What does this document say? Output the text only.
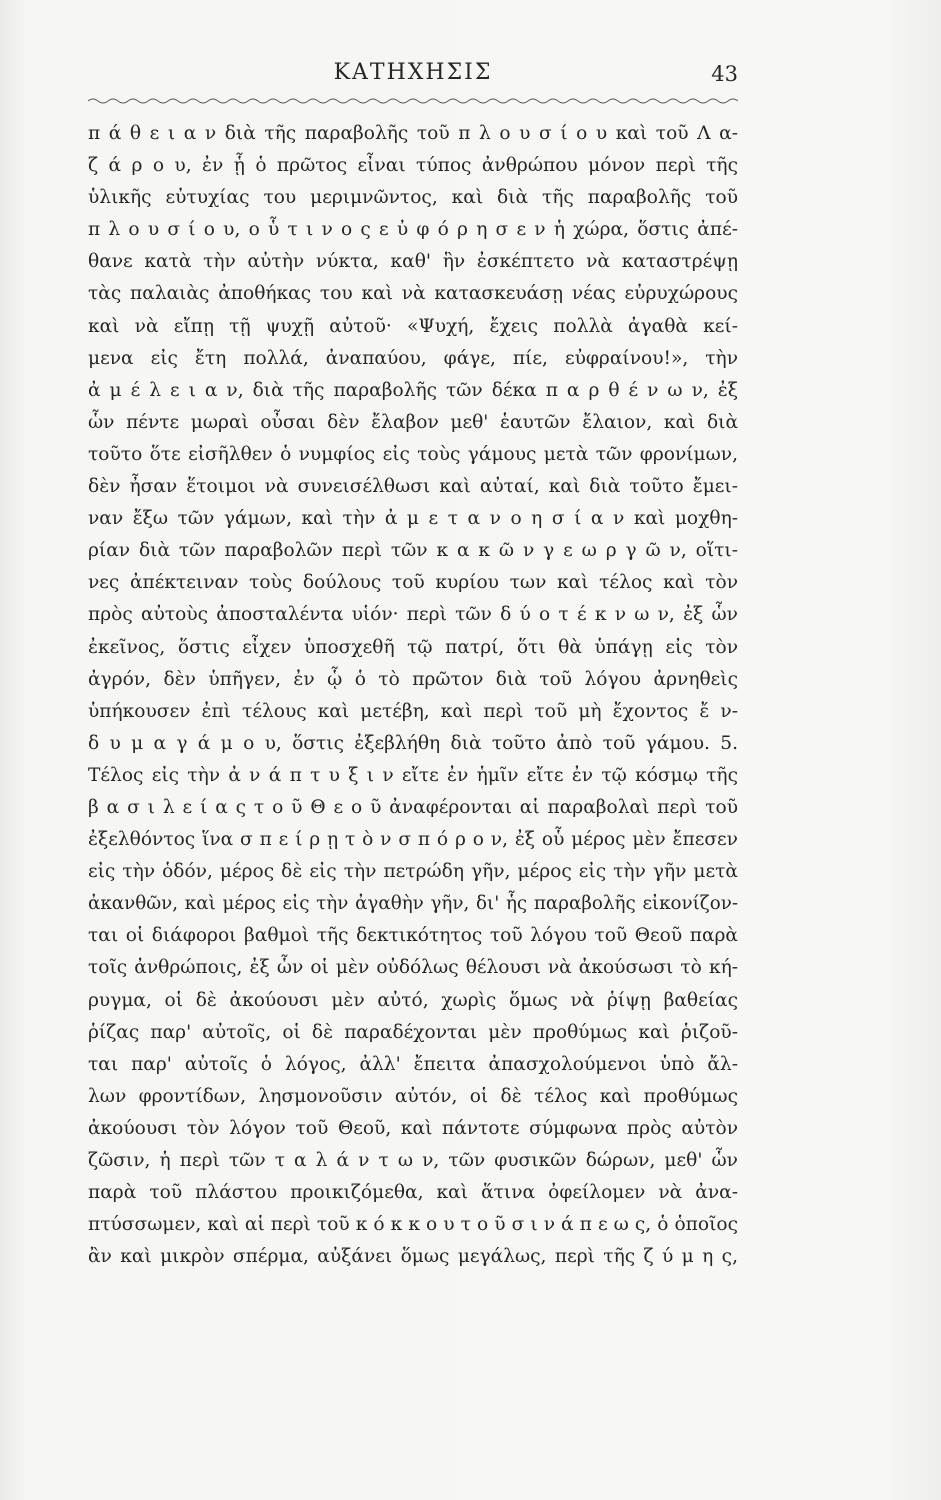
ΚΑΤΗΧΗΣΙΣ	43
π ά θ ε ι α ν διὰ τῆς παραβολῆς τοῦ π λ ο υ σ ί ο υ καὶ τοῦ Λ α-
ζ ά ρ ο υ, ἐν ᾗ ὁ πρῶτος εἶναι τύπος ἀνθρώπου μόνον περὶ τῆς
ὑλικῆς εὐτυχίας του μεριμνῶντος, καὶ διὰ τῆς παραβολῆς τοῦ
π λ ο υ σ ί ο υ, ο ὗ τ ι ν ο ς ε ὐ φ ό ρ η σ ε ν ἡ χώρα, ὅστις ἀπέ-
θανε κατὰ τὴν αὐτὴν νύκτα, καθ' ἣν ἐσκέπτετο νὰ καταστρέψῃ
τὰς παλαιὰς ἀποθήκας του καὶ νὰ κατασκευάσῃ νέας εὐρυχώρους
καὶ νὰ εἴπῃ τῇ ψυχῇ αὐτοῦ· «Ψυχή, ἔχεις πολλὰ ἀγαθὰ κεί-
μενα εἰς ἔτη πολλά, ἀναπαύου, φάγε, πίε, εὐφραίνου!», τὴν
ἀ μ έ λ ε ι α ν, διὰ τῆς παραβολῆς τῶν δέκα π α ρ θ έ ν ω ν, ἐξ
ὧν πέντε μωραὶ οὖσαι δὲν ἔλαβον μεθ' ἑαυτῶν ἔλαιον, καὶ διὰ
τοῦτο ὅτε εἰσῆλθεν ὁ νυμφίος εἰς τοὺς γάμους μετὰ τῶν φρονίμων,
δὲν ἦσαν ἕτοιμοι νὰ συνεισέλθωσι καὶ αὐταί, καὶ διὰ τοῦτο ἔμει-
ναν ἔξω τῶν γάμων, καὶ τὴν ἀ μ ε τ α ν ο η σ ί α ν καὶ μοχθη-
ρίαν διὰ τῶν παραβολῶν περὶ τῶν κ α κ ῶ ν γ ε ω ρ γ ῶ ν, οἵτι-
νες ἀπέκτειναν τοὺς δούλους τοῦ κυρίου των καὶ τέλος καὶ τὸν
πρὸς αὐτοὺς ἀποσταλέντα υἱόν· περὶ τῶν δ ύ ο τ έ κ ν ω ν, ἐξ ὧν
ἐκεῖνος, ὅστις εἶχεν ὑποσχεθῆ τῷ πατρί, ὅτι θὰ ὑπάγῃ εἰς τὸν
ἀγρόν, δὲν ὑπῆγεν, ἐν ᾧ ὁ τὸ πρῶτον διὰ τοῦ λόγου ἀρνηθεὶς
ὑπήκουσεν ἐπὶ τέλους καὶ μετέβη, καὶ περὶ τοῦ μὴ ἔχοντος ἔ ν-
δ υ μ α γ ά μ ο υ, ὅστις ἐξεβλήθη διὰ τοῦτο ἀπὸ τοῦ γάμου. 5.
Τέλος εἰς τὴν ἀ ν ά π τ υ ξ ι ν εἴτε ἐν ἡμῖν εἴτε ἐν τῷ κόσμῳ τῆς
β α σ ι λ ε ί α ς τ ο ῦ Θ ε ο ῦ ἀναφέρονται αἱ παραβολαὶ περὶ τοῦ
ἐξελθόντος ἵνα σ π ε ί ρ ῃ τ ὸ ν σ π ό ρ ο ν, ἐξ οὗ μέρος μὲν ἔπεσεν
εἰς τὴν ὁδόν, μέρος δὲ εἰς τὴν πετρώδη γῆν, μέρος εἰς τὴν γῆν μετὰ
ἀκανθῶν, καὶ μέρος εἰς τὴν ἀγαθὴν γῆν, δι' ἧς παραβολῆς εἰκονίζον-
ται οἱ διάφοροι βαθμοὶ τῆς δεκτικότητος τοῦ λόγου τοῦ Θεοῦ παρὰ
τοῖς ἀνθρώποις, ἐξ ὧν οἱ μὲν οὐδόλως θέλουσι νὰ ἀκούσωσι τὸ κή-
ρυγμα, οἱ δὲ ἀκούουσι μὲν αὐτό, χωρὶς ὅμως νὰ ῥίψῃ βαθείας
ῥίζας παρ' αὐτοῖς, οἱ δὲ παραδέχονται μὲν προθύμως καὶ ῥιζοῦ-
ται παρ' αὐτοῖς ὁ λόγος, ἀλλ' ἔπειτα ἀπασχολούμενοι ὑπὸ ἄλ-
λων φροντίδων, λησμονοῦσιν αὐτόν, οἱ δὲ τέλος καὶ προθύμως
ἀκούουσι τὸν λόγον τοῦ Θεοῦ, καὶ πάντοτε σύμφωνα πρὸς αὐτὸν
ζῶσιν, ἡ περὶ τῶν τ α λ ά ν τ ω ν, τῶν φυσικῶν δώρων, μεθ' ὧν
παρὰ τοῦ πλάστου προικιζόμεθα, καὶ ἅτινα ὀφείλομεν νὰ ἀνα-
πτύσσωμεν, καὶ αἱ περὶ τοῦ κ ό κ κ ο υ τ ο ῦ σ ι ν ά π ε ω ς, ὁ ὁποῖος
ἂν καὶ μικρὸν σπέρμα, αὐξάνει ὅμως μεγάλως, περὶ τῆς ζ ύ μ η ς,
